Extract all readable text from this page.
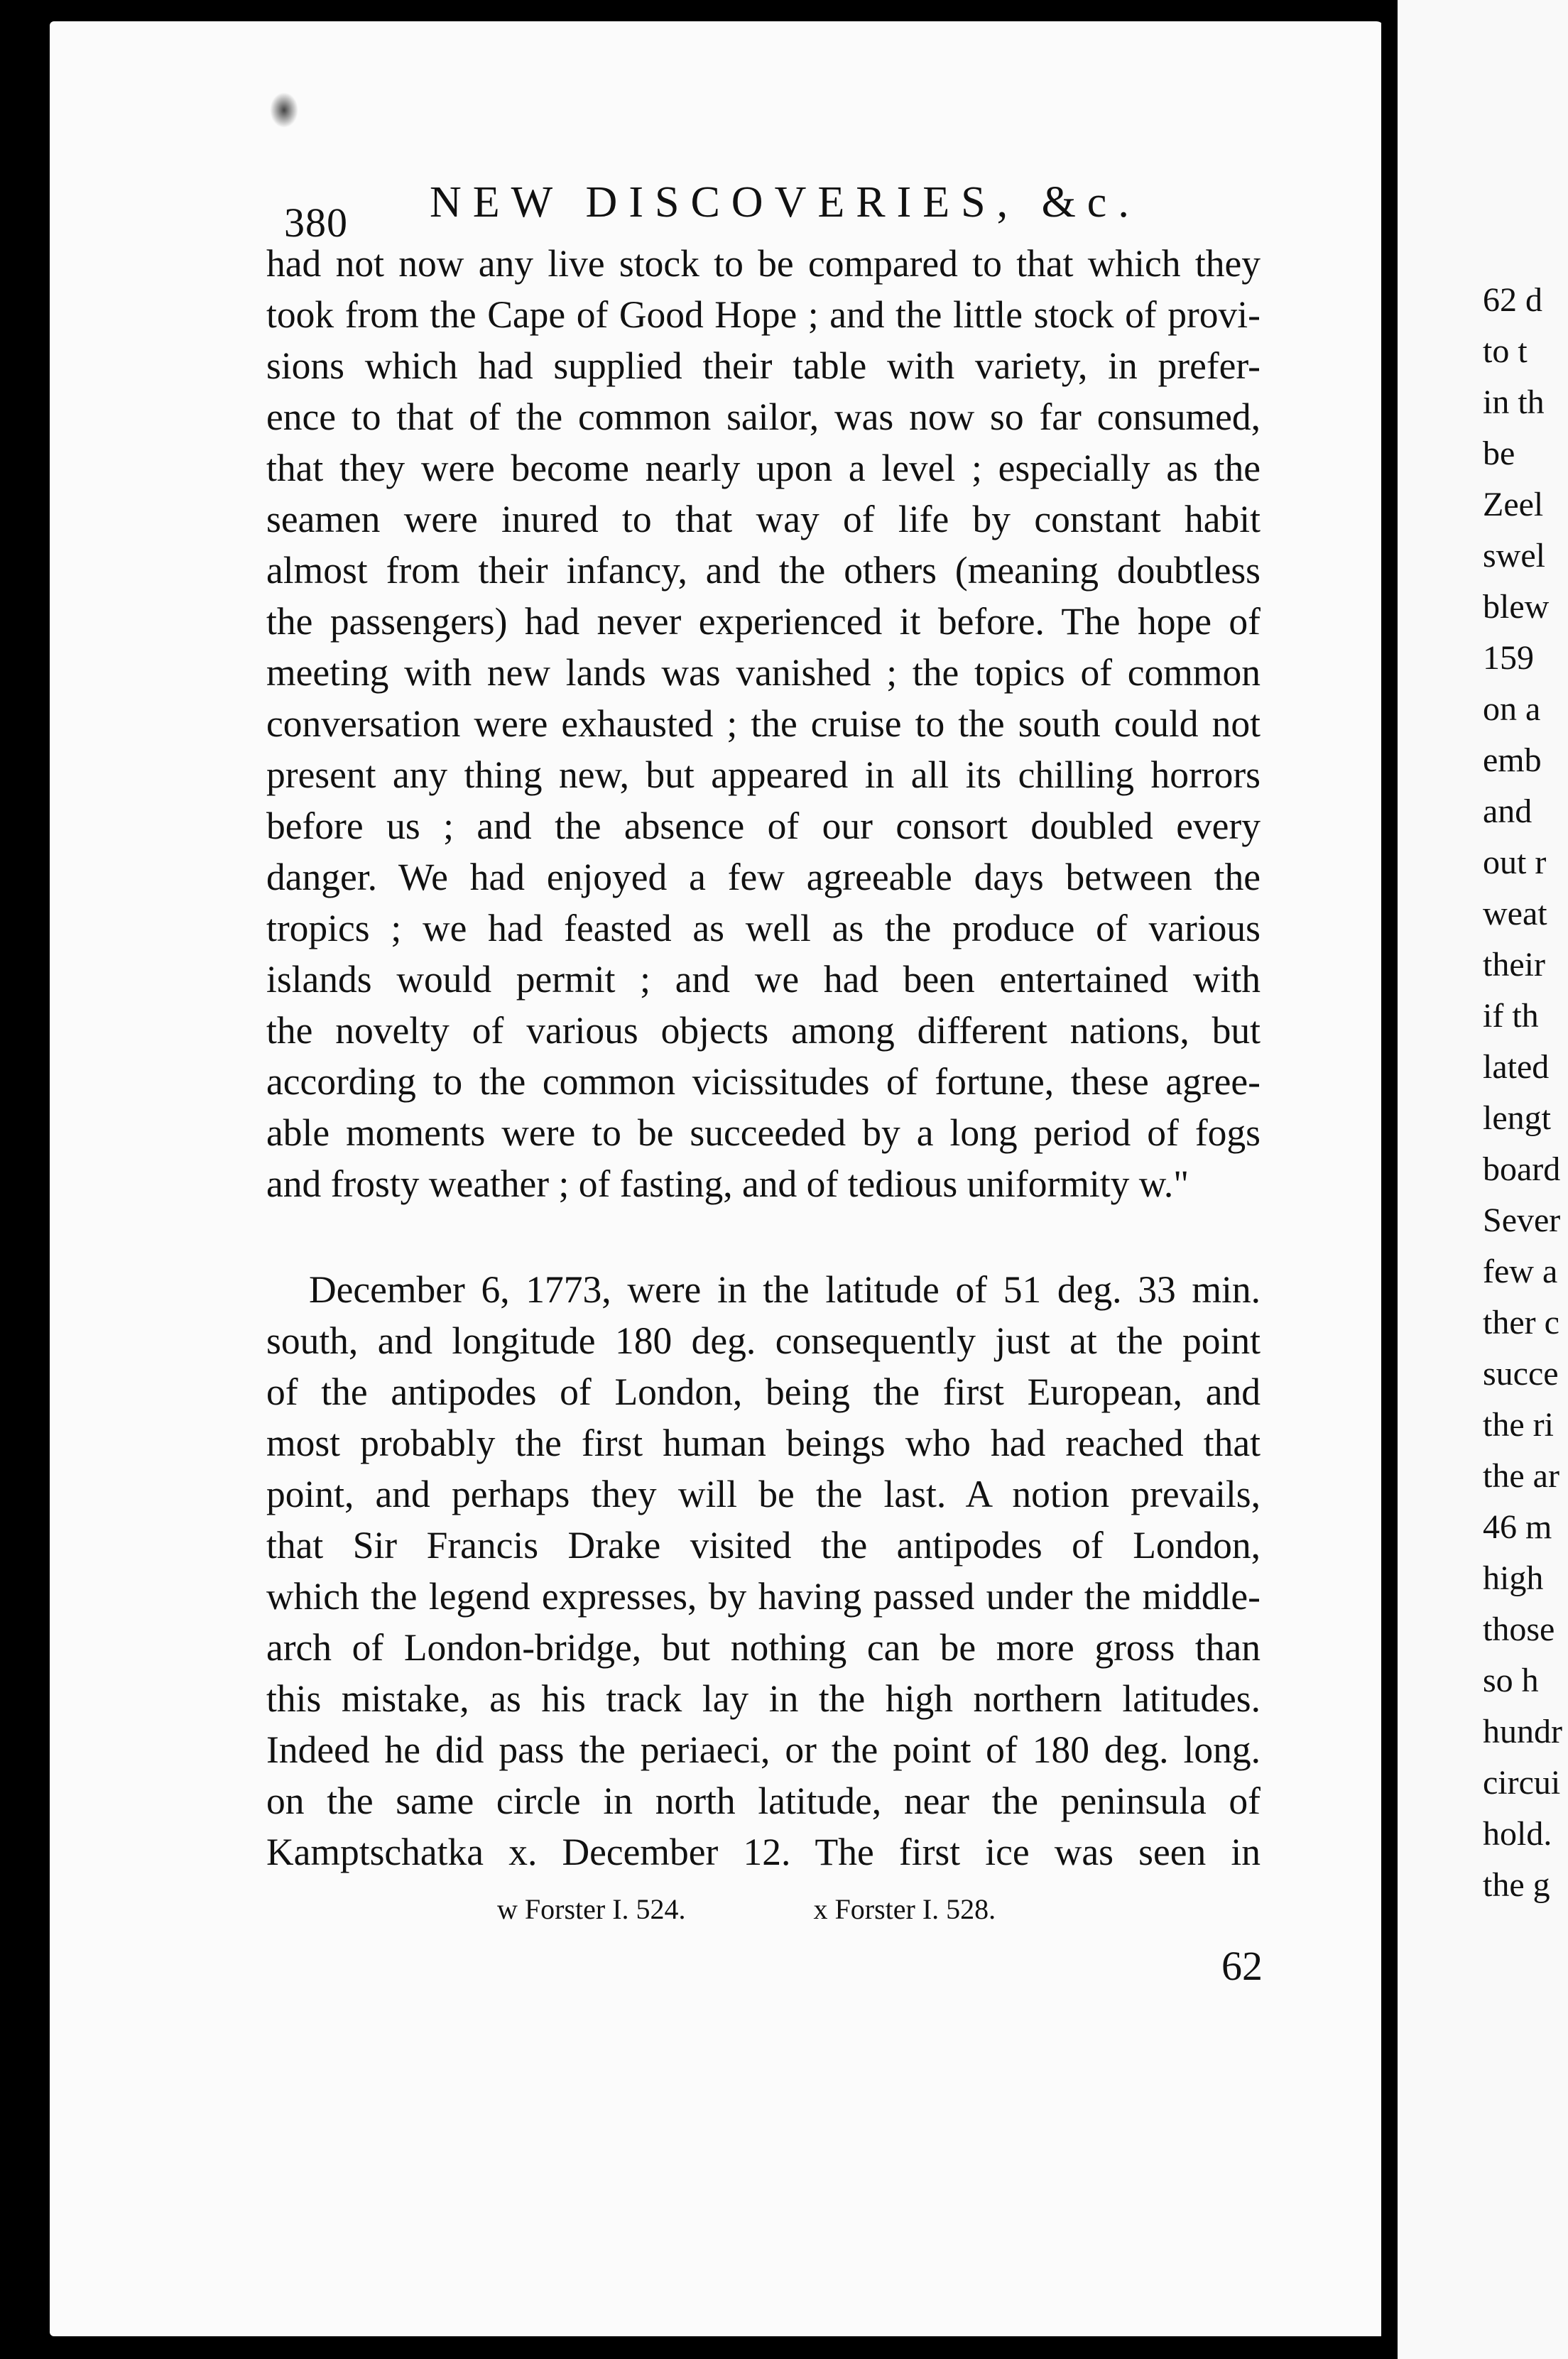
380 NEW DISCOVERIES, &c.
had not now any live stock to be compared to that which they
took from the Cape of Good Hope ; and the little stock of provi-
sions which had supplied their table with variety, in prefer-
ence to that of the common sailor, was now so far consumed,
that they were become nearly upon a level ; especially as the
seamen were inured to that way of life by constant habit
almost from their infancy, and the others (meaning doubtless
the passengers) had never experienced it before. The hope of
meeting with new lands was vanished ; the topics of common
conversation were exhausted ; the cruise to the south could not
present any thing new, but appeared in all its chilling horrors
before us ; and the absence of our consort doubled every
danger. We had enjoyed a few agreeable days between the
tropics ; we had feasted as well as the produce of various
islands would permit ; and we had been entertained with
the novelty of various objects among different nations, but
according to the common vicissitudes of fortune, these agree-
able moments were to be succeeded by a long period of fogs
and frosty weather ; of fasting, and of tedious uniformity w."
December 6, 1773, were in the latitude of 51 deg. 33 min.
south, and longitude 180 deg. consequently just at the point
of the antipodes of London, being the first European, and
most probably the first human beings who had reached that
point, and perhaps they will be the last. A notion prevails,
that Sir Francis Drake visited the antipodes of London,
which the legend expresses, by having passed under the middle-
arch of London-bridge, but nothing can be more gross than
this mistake, as his track lay in the high northern latitudes.
Indeed he did pass the periaeci, or the point of 180 deg. long.
on the same circle in north latitude, near the peninsula of
Kamptschatka x. December 12. The first ice was seen in
w Forster I. 524.	x Forster I. 528.
62
62 d
to t
in th
be
Zeel
swel
blew
159
on a
emb
and
out r
weat
their
if th
lated
lengt
board
Sever
few a
ther c
succe
the ri
the ar
46 m
high
those
so h
hundr
circui
hold.
the g
